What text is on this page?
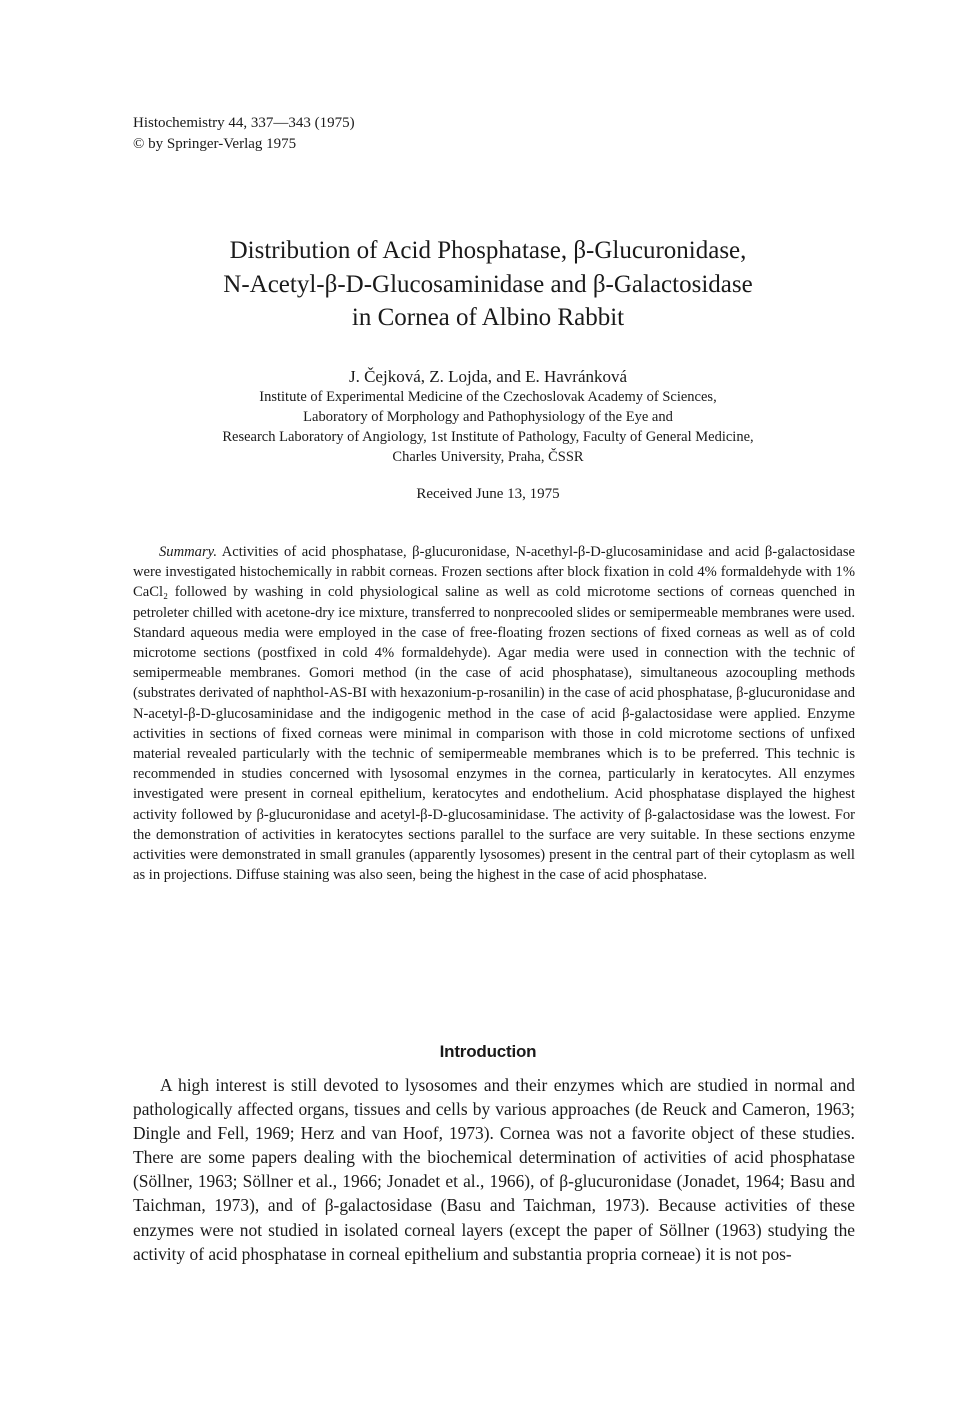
Histochemistry 44, 337—343 (1975)
© by Springer-Verlag 1975
Distribution of Acid Phosphatase, β-Glucuronidase,
N-Acetyl-β-D-Glucosaminidase and β-Galactosidase
in Cornea of Albino Rabbit
J. Čejková, Z. Lojda, and E. Havránková
Institute of Experimental Medicine of the Czechoslovak Academy of Sciences,
Laboratory of Morphology and Pathophysiology of the Eye and
Research Laboratory of Angiology, 1st Institute of Pathology, Faculty of General Medicine,
Charles University, Praha, ČSSR
Received June 13, 1975

Summary. Activities of acid phosphatase, β-glucuronidase, N-acethyl-β-D-glucosaminidase and acid β-galactosidase were investigated histochemically in rabbit corneas. Frozen sections after block fixation in cold 4% formaldehyde with 1% CaCl₂ followed by washing in cold physiological saline as well as cold microtome sections of corneas quenched in petroleter chilled with acetone-dry ice mixture, transferred to nonprecooled slides or semipermeable membranes were used. Standard aqueous media were employed in the case of free-floating frozen sections of fixed corneas as well as of cold microtome sections (postfixed in cold 4% formaldehyde). Agar media were used in connection with the technic of semipermeable membranes. Gomori method (in the case of acid phosphatase), simultaneous azocoupling methods (substrates derivated of naphthol-AS-BI with hexazonium-p-rosanilin) in the case of acid phosphatase, β-glucuronidase and N-acetyl-β-D-glucosaminidase and the indigogenic method in the case of acid β-galactosidase were applied. Enzyme activities in sections of fixed corneas were minimal in comparison with those in cold microtome sections of unfixed material revealed particularly with the technic of semipermeable membranes which is to be preferred. This technic is recommended in studies concerned with lysosomal enzymes in the cornea, particularly in keratocytes. All enzymes investigated were present in corneal epithelium, keratocytes and endothelium. Acid phosphatase displayed the highest activity followed by β-glucuronidase and acetyl-β-D-glucosaminidase. The activity of β-galactosidase was the lowest. For the demonstration of activities in keratocytes sections parallel to the surface are very suitable. In these sections enzyme activities were demonstrated in small granules (apparently lysosomes) present in the central part of their cytoplasm as well as in projections. Diffuse staining was also seen, being the highest in the case of acid phosphatase.

Introduction

A high interest is still devoted to lysosomes and their enzymes which are studied in normal and pathologically affected organs, tissues and cells by various approaches (de Reuck and Cameron, 1963; Dingle and Fell, 1969; Herz and van Hoof, 1973). Cornea was not a favorite object of these studies. There are some papers dealing with the biochemical determination of activities of acid phosphatase (Söllner, 1963; Söllner et al., 1966; Jonadet et al., 1966), of β-glucuronidase (Jonadet, 1964; Basu and Taichman, 1973), and of β-galactosidase (Basu and Taichman, 1973). Because activities of these enzymes were not studied in isolated corneal layers (except the paper of Söllner (1963) studying the activity of acid phosphatase in corneal epithelium and substantia propria corneae) it is not pos-
